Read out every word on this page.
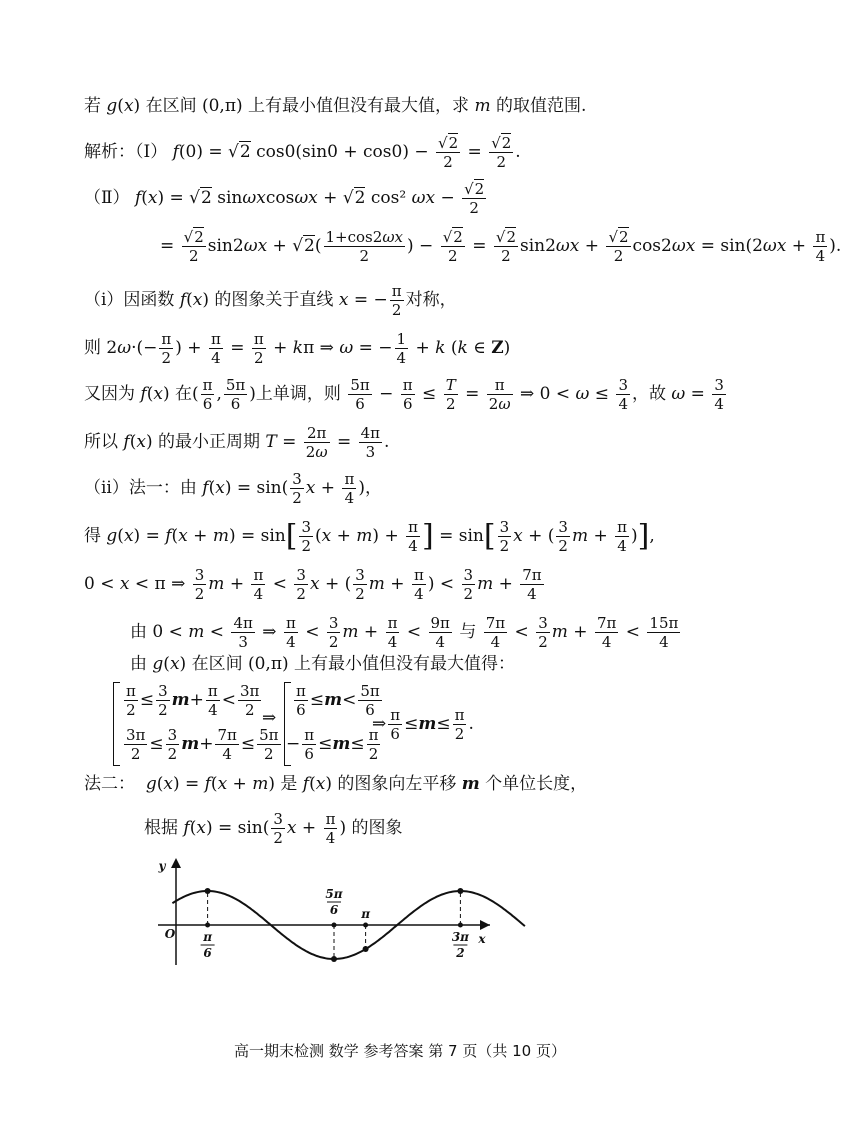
若 g(x) 在区间 (0,π) 上有最小值但没有最大值，求 m 的取值范围.
解析：（Ⅰ） f(0) = √2 $\cos 0(\sin 0 + \cos 0) - \frac{√2}{2} = \frac{√2}{2}$ .
（Ⅱ） f(x) = √2 sinωxcosωx + √2 cos² $\omega x - \frac{√2}{2}$
= $\frac{√2}{2} \sin 2\omega x + √2( \frac{1+\cos 2\omega x}{2}$ ) − $\frac{√2}{2} = \frac{√2}{2} \sin 2\omega x + \frac{√2}{2} \cos 2\omega x = \sin(2\omega x + \frac{\pi}{4}$ ).
（i）因函数 f(x) 的图象关于直线 x = − $\frac{\pi}{2}$ 对称，
则 $2\omega\cdot(- \frac{\pi}{2}$ ) + $\frac{\pi}{4} = \frac{\pi}{2} + k\pi$ ⇒ ω = − $\frac{1}{4} + k$ (k ∈ Z)
又因为 f(x) 在( $\frac{\pi}{6}$ , $\frac{5\pi}{6}$ )上单调，则 $\frac{5\pi}{6} - \frac{\pi}{6} \le \frac{T}{2} = \frac{\pi}{2\omega}$ ⇒ $0 < \omega \le \frac{3}{4}$ ，故 $\omega = \frac{3}{4}$
所以 f(x) 的最小正周期 $T = \frac{2\pi}{2\omega} = \frac{4\pi}{3}$ .
（ii）法一：由 $f(x) = \sin( \frac{3}{2}$ $x + \frac{\pi}{4}$ )，
得 $g(x) = f(x + m) = \sin[ \frac{3}{2} (x + m) + \frac{\pi}{4}$ ] = $\sin[ \frac{3}{2}$ x + ( $\frac{3}{2}$ $m + \frac{\pi}{4}$ )],
0 < x < π ⇒ $\frac{3}{2}$ $m + \frac{\pi}{4} < \frac{3}{2}$ x + ( $\frac{3}{2}$ $m + \frac{\pi}{4}$ ) < $\frac{3}{2}$ $m + \frac{7\pi}{4}$
由 $0 < m < \frac{4\pi}{3}$ ⇒ $\frac{\pi}{4} < \frac{3}{2}$ $m + \frac{\pi}{4} < \frac{9\pi}{4}$ 与 $\frac{7\pi}{4} < \frac{3}{2}$ $m + \frac{7\pi}{4} < \frac{15\pi}{4}$
由 g(x) 在区间 (0,π) 上有最小值但没有最大值得：
$\frac{\pi}{2} \le \frac{3}{2} m+ \frac{\pi}{4} < \frac{3\pi}{2}$
$\frac{3\pi}{2} \le \frac{3}{2} m+ \frac{7\pi}{4} \le \frac{5\pi}{2}$
⇒ $\frac{\pi}{6} \le m< \frac{5\pi}{6}$
− $\frac{\pi}{6} \le m\le \frac{\pi}{2}$
⇒ $\frac{\pi}{6} \le m\le \frac{\pi}{2}$ .
法二：  g(x) = f(x + m) 是 f(x) 的图象向左平移 m 个单位长度，
根据 $f(x) = \sin( \frac{3}{2}$ $x + \frac{\pi}{4}$ ) 的图象
y
x
O π
6
5π
6 π
3π
2
高一期末检测 数学 参考答案 第 7 页（共 10 页）
